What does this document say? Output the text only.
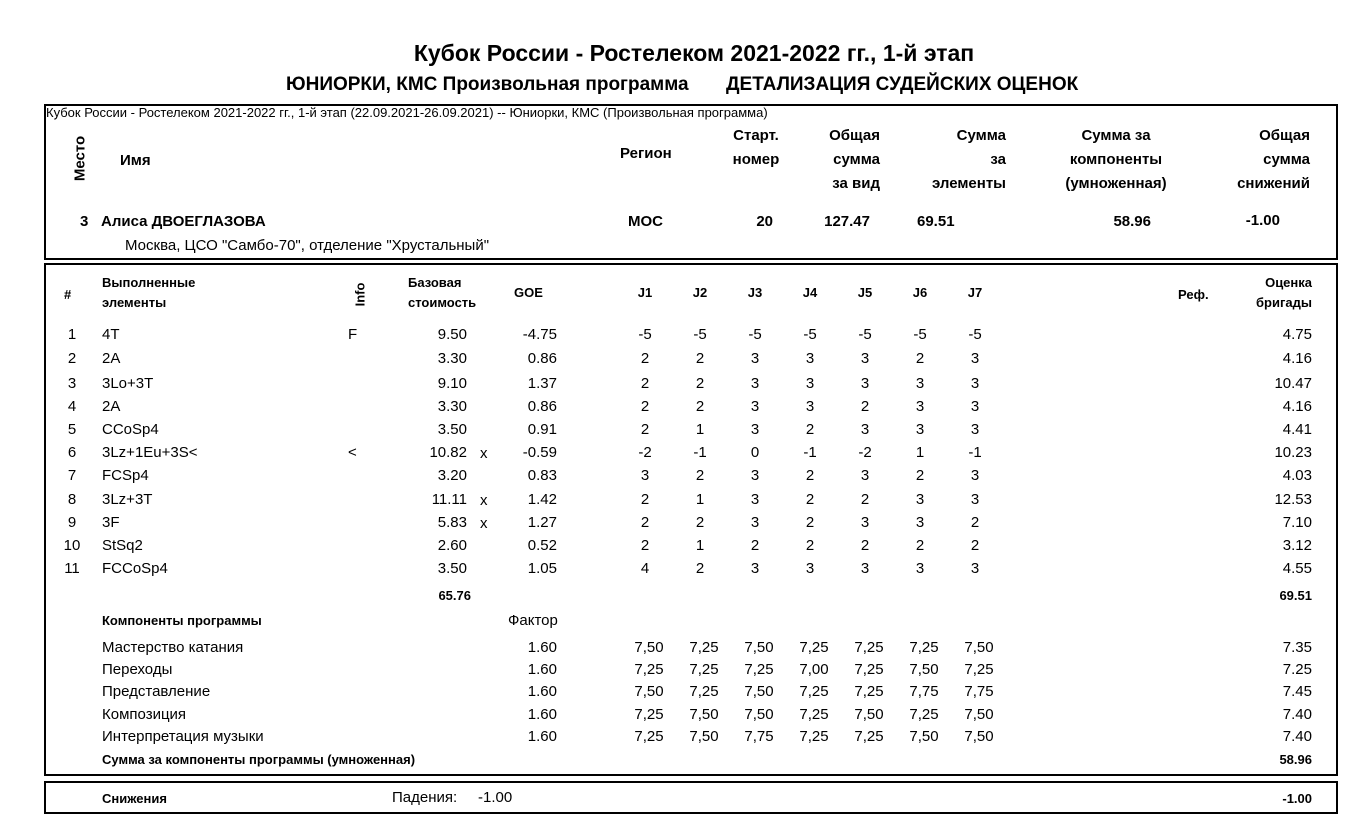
Кубок России - Ростелеком 2021-2022 гг., 1-й этап
ЮНИОРКИ, КМС Произвольная программа ДЕТАЛИЗАЦИЯ СУДЕЙСКИХ ОЦЕНОК
Кубок России - Ростелеком 2021-2022 гг., 1-й этап (22.09.2021-26.09.2021) -- Юниорки, КМС (Произвольная программа)
Место Имя	Регион
Старт.
номер
Общая
сумма
за вид
Сумма
за
элементы
Сумма за
компоненты
(умноженная)
Общая
сумма
снижений
3 Алиса ДВОЕГЛАЗОВА
Москва, ЦСО "Самбо-70", отделение "Хрустальный"
МОС	20	127.47	69.51	58.96	-1.00
#
Выполненные
элементы	Info
Базовая
стоимость
GOE	J1	J2	J3	J4	J5	J6	J7	Реф.
Оценка
бригады
1	4T	F	9.50	-4.75	-5	-5	-5	-5	-5	-5	-5	4.75
2	2A	3.30	0.86	2	2	3	3	3	2	3	4.16
3	3Lo+3T	9.10	1.37	2	2	3	3	3	3	3	10.47
4	2A	3.30	0.86	2	2	3	3	2	3	3	4.16
5	CCoSp4	3.50	0.91	2	1	3	2	3	3	3	4.41
6	3Lz+1Eu+3S<	<	10.82 x	-0.59	-2	-1	0	-1	-2	1	-1	10.23
7	FCSp4	3.20	0.83	3	2	3	2	3	2	3	4.03
8	3Lz+3T	11.11 x	1.42	2	1	3	2	2	3	3	12.53
9	3F	5.83 x	1.27	2	2	3	2	3	3	2	7.10
10	StSq2	2.60	0.52	2	1	2	2	2	2	2	3.12
11	FCCoSp4	3.50	1.05	4	2	3	3	3	3	3	4.55
65.76	69.51
Компоненты программы	Фактор
Мастерство катания	1.60	7,50	7,25	7,50	7,25	7,25	7,25	7,50	7.35
Переходы	1.60	7,25	7,25	7,25	7,00	7,25	7,50	7,25	7.25
Представление	1.60	7,50	7,25	7,50	7,25	7,25	7,75	7,75	7.45
Композиция	1.60	7,25	7,50	7,50	7,25	7,50	7,25	7,50	7.40
Интерпретация музыки	1.60	7,25	7,50	7,75	7,25	7,25	7,50	7,50	7.40
Сумма за компоненты программы (умноженная)	58.96
Снижения	Падения: -1.00	-1.00
